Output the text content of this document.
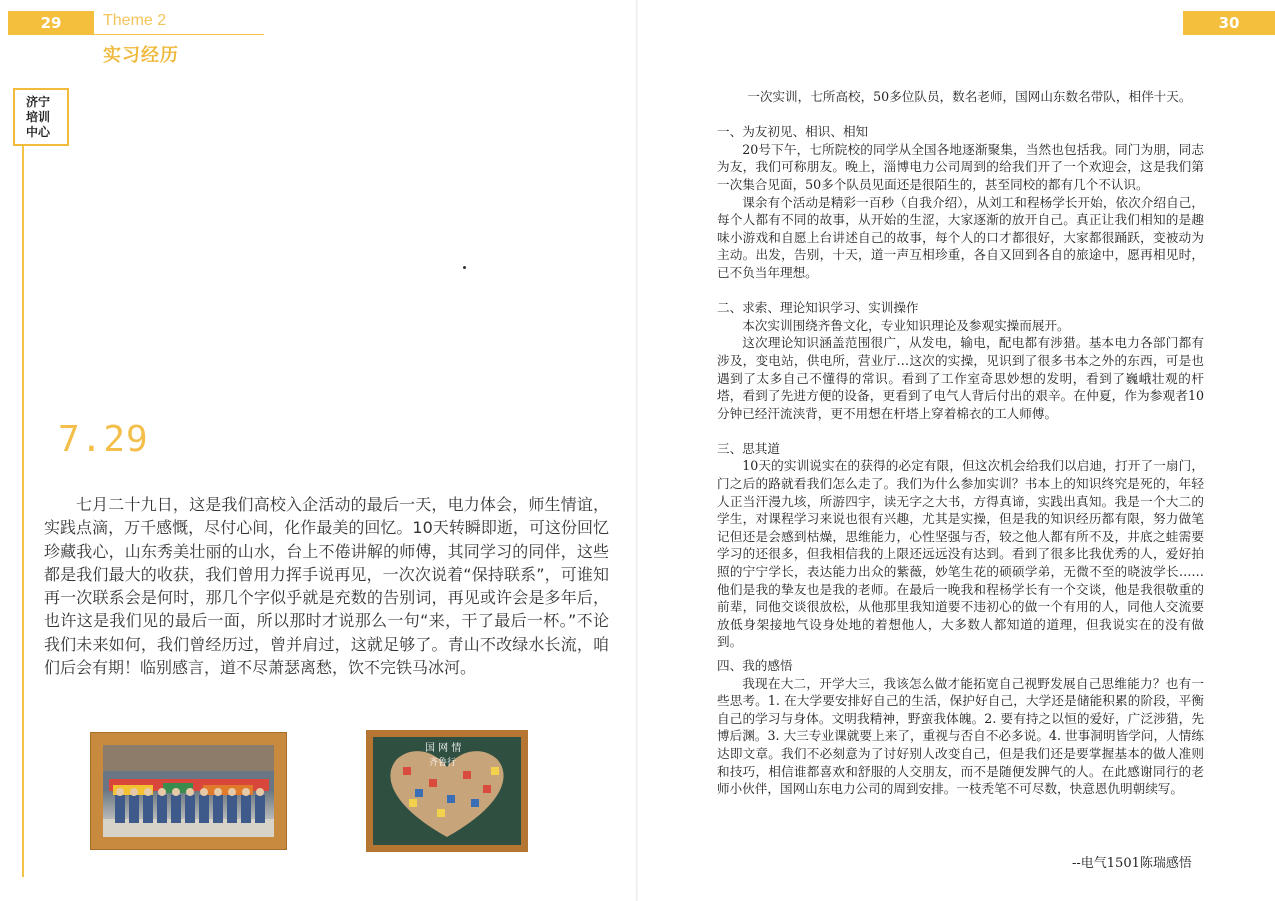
29	Theme 2
实习经历
济宁
培训
中心
7.29

七月二十九日，这是我们高校入企活动的最后一天，电力体会，师生情谊，实践点滴，万千感慨，尽付心间，化作最美的回忆。10天转瞬即逝，可这份回忆珍藏我心，山东秀美壮丽的山水，台上不倦讲解的师傅，其同学习的同伴，这些都是我们最大的收获，我们曾用力挥手说再见，一次次说着“保持联系”，可谁知再一次联系会是何时，那几个字似乎就是充数的告别词，再见或许会是多年后，也许这是我们见的最后一面，所以那时才说那么一句“来，干了最后一杯。”不论我们未来如何，我们曾经历过，曾并肩过，这就足够了。青山不改绿水长流，咱们后会有期！临别感言，道不尽萧瑟离愁，饮不完铁马冰河。

国 网 情
齐鲁行
30

一次实训，七所高校，50多位队员，数名老师，国网山东数名带队，相伴十天。

一、为友初见、相识、相知

20号下午，七所院校的同学从全国各地逐渐聚集，当然也包括我。同门为朋，同志为友，我们可称朋友。晚上，淄博电力公司周到的给我们开了一个欢迎会，这是我们第一次集合见面，50多个队员见面还是很陌生的，甚至同校的都有几个不认识。

课余有个活动是精彩一百秒（自我介绍），从刘工和程杨学长开始，依次介绍自己，每个人都有不同的故事，从开始的生涩，大家逐渐的放开自己。真正让我们相知的是趣味小游戏和自愿上台讲述自己的故事，每个人的口才都很好，大家都很踊跃，变被动为主动。出发，告别，十天，道一声互相珍重，各自又回到各自的旅途中，愿再相见时，已不负当年理想。

二、求索、理论知识学习、实训操作

本次实训围绕齐鲁文化，专业知识理论及参观实操而展开。

这次理论知识涵盖范围很广，从发电，输电，配电都有涉猎。基本电力各部门都有涉及，变电站，供电所，营业厅…这次的实操，见识到了很多书本之外的东西，可是也遇到了太多自己不懂得的常识。看到了工作室奇思妙想的发明，看到了巍峨壮观的杆塔，看到了先进方便的设备，更看到了电气人背后付出的艰辛。在仲夏，作为参观者10分钟已经汗流浃背，更不用想在杆塔上穿着棉衣的工人师傅。

三、思其道

10天的实训说实在的获得的必定有限，但这次机会给我们以启迪，打开了一扇门，门之后的路就看我们怎么走了。我们为什么参加实训？书本上的知识终究是死的，年轻人正当汗漫九垓，所游四宇，读无字之大书，方得真谛，实践出真知。我是一个大二的学生，对课程学习来说也很有兴趣，尤其是实操，但是我的知识经历都有限，努力做笔记但还是会感到枯燥，思维能力，心性坚强与否，较之他人都有所不及，井底之蛙需要学习的还很多，但我相信我的上限还远远没有达到。看到了很多比我优秀的人，爱好拍照的宁宁学长，表达能力出众的紫薇，妙笔生花的硕硕学弟，无微不至的晓波学长……他们是我的挚友也是我的老师。在最后一晚我和程杨学长有一个交谈，他是我很敬重的前辈，同他交谈很放松，从他那里我知道要不违初心的做一个有用的人，同他人交流要放低身架接地气设身处地的着想他人，大多数人都知道的道理，但我说实在的没有做到。

四、我的感悟

我现在大二，开学大三，我该怎么做才能拓宽自己视野发展自己思维能力？也有一些思考。1. 在大学要安排好自己的生活，保护好自己，大学还是储能积累的阶段，平衡自己的学习与身体。文明我精神，野蛮我体魄。2. 要有持之以恒的爱好，广泛涉猎，先博后渊。3. 大三专业课就要上来了，重视与否自不必多说。4. 世事洞明皆学问，人情练达即文章。我们不必刻意为了讨好别人改变自己，但是我们还是要掌握基本的做人准则和技巧，相信谁都喜欢和舒服的人交朋友，而不是随便发脾气的人。在此感谢同行的老师小伙伴，国网山东电力公司的周到安排。一枝秃笔不可尽数，快意恩仇明朝续写。

--电气1501陈瑞感悟
